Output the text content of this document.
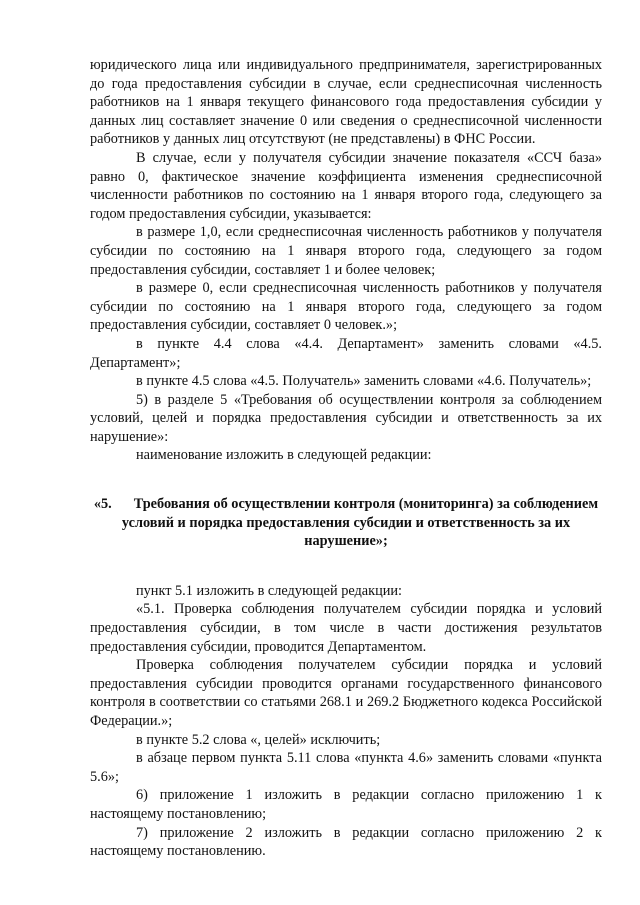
юридического лица или индивидуального предпринимателя, зарегистрированных до года предоставления субсидии в случае, если среднесписочная численность работников на 1 января текущего финансового года предоставления субсидии у данных лиц составляет значение 0 или сведения о среднесписочной численности работников у данных лиц отсутствуют (не представлены) в ФНС России.

В случае, если у получателя субсидии значение показателя «ССЧ база» равно 0, фактическое значение коэффициента изменения среднесписочной численности работников по состоянию на 1 января второго года, следующего за годом предоставления субсидии, указывается:

в размере 1,0, если среднесписочная численность работников у получателя субсидии по состоянию на 1 января второго года, следующего за годом предоставления субсидии, составляет 1 и более человек;

в размере 0, если среднесписочная численность работников у получателя субсидии по состоянию на 1 января второго года, следующего за годом предоставления субсидии, составляет 0 человек.»;

в пункте 4.4 слова «4.4. Департамент» заменить словами «4.5. Департамент»;

в пункте 4.5 слова «4.5. Получатель» заменить словами «4.6. Получатель»;

5) в разделе 5 «Требования об осуществлении контроля за соблюдением условий, целей и порядка предоставления субсидии и ответственность за их нарушение»:

наименование изложить в следующей редакции:

«5. Требования об осуществлении контроля (мониторинга) за соблюдением условий и порядка предоставления субсидии и ответственность за их нарушение»;

пункт 5.1 изложить в следующей редакции:

«5.1. Проверка соблюдения получателем субсидии порядка и условий предоставления субсидии, в том числе в части достижения результатов предоставления субсидии, проводится Департаментом.

Проверка соблюдения получателем субсидии порядка и условий предоставления субсидии проводится органами государственного финансового контроля в соответствии со статьями 268.1 и 269.2 Бюджетного кодекса Российской Федерации.»;

в пункте 5.2 слова «, целей» исключить;

в абзаце первом пункта 5.11 слова «пункта 4.6» заменить словами «пункта 5.6»;

6) приложение 1 изложить в редакции согласно приложению 1 к настоящему постановлению;

7) приложение 2 изложить в редакции согласно приложению 2 к настоящему постановлению.
